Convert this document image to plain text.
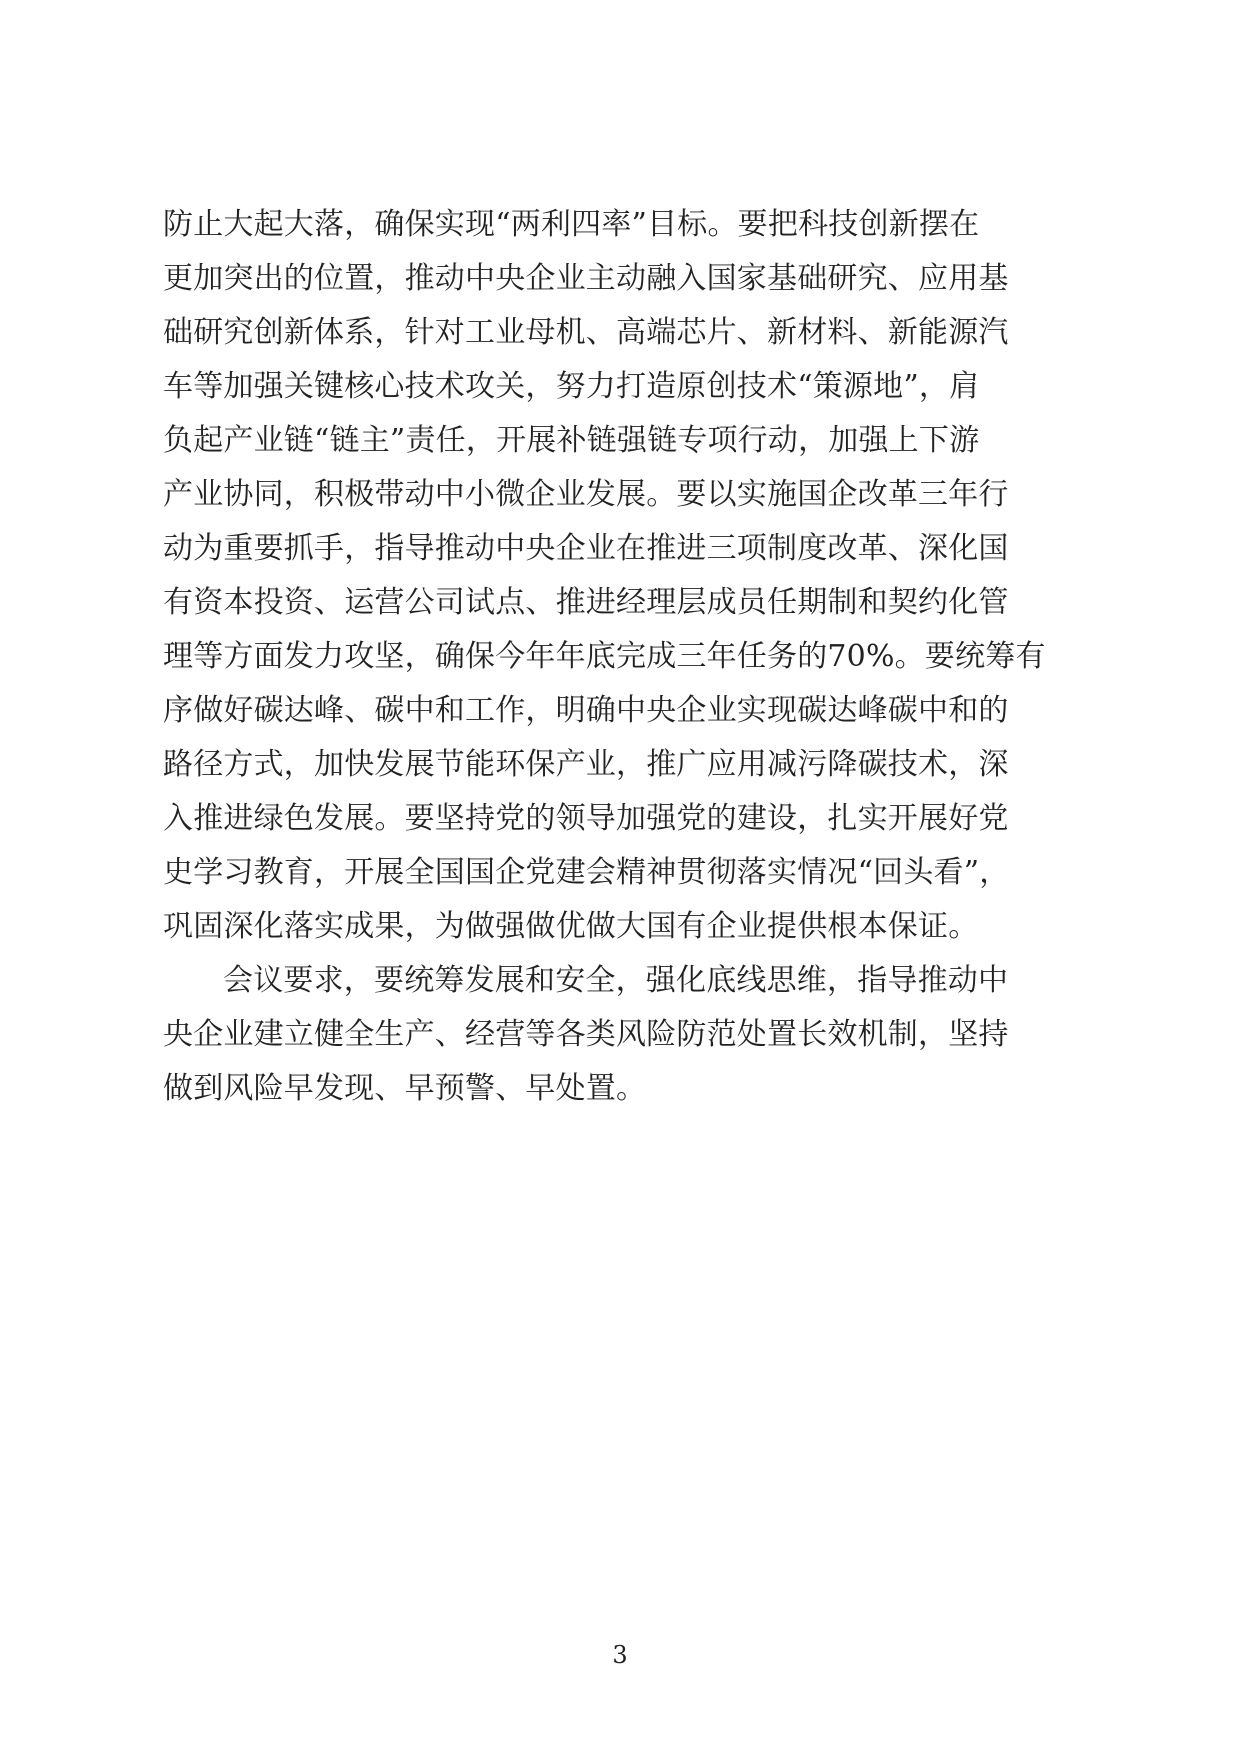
防止大起大落，确保实现“两利四率”目标。要把科技创新摆在
更加突出的位置，推动中央企业主动融入国家基础研究、应用基
础研究创新体系，针对工业母机、高端芯片、新材料、新能源汽
车等加强关键核心技术攻关，努力打造原创技术“策源地”，肩
负起产业链“链主”责任，开展补链强链专项行动，加强上下游
产业协同，积极带动中小微企业发展。要以实施国企改革三年行
动为重要抓手，指导推动中央企业在推进三项制度改革、深化国
有资本投资、运营公司试点、推进经理层成员任期制和契约化管
理等方面发力攻坚，确保今年年底完成三年任务的70%。要统筹有
序做好碳达峰、碳中和工作，明确中央企业实现碳达峰碳中和的
路径方式，加快发展节能环保产业，推广应用减污降碳技术，深
入推进绿色发展。要坚持党的领导加强党的建设，扎实开展好党
史学习教育，开展全国国企党建会精神贯彻落实情况“回头看”，
巩固深化落实成果，为做强做优做大国有企业提供根本保证。
会议要求，要统筹发展和安全，强化底线思维，指导推动中
央企业建立健全生产、经营等各类风险防范处置长效机制，坚持
做到风险早发现、早预警、早处置。
3
